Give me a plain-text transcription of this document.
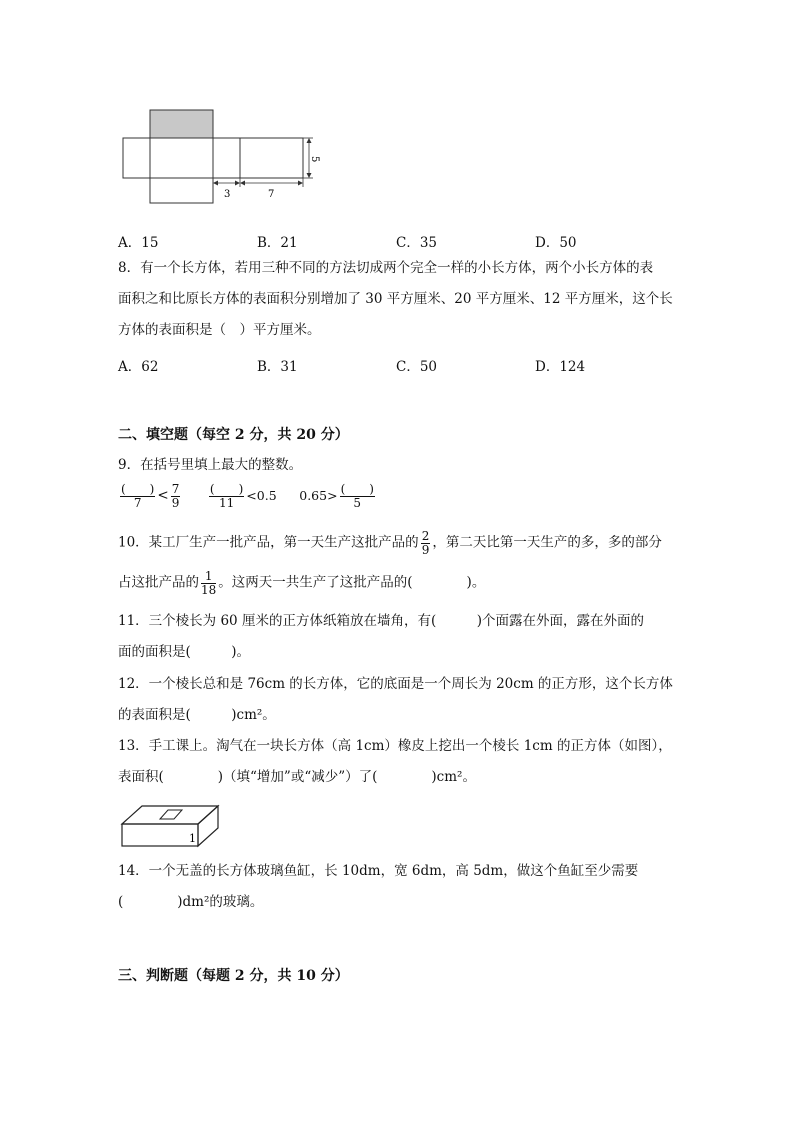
5
3	7
A．15	B．21	C．35	D．50
8．有一个长方体，若用三种不同的方法切成两个完全一样的小长方体，两个小长方体的表
面积之和比原长方体的表面积分别增加了 30 平方厘米、20 平方厘米、12 平方厘米，这个长
方体的表面积是（　）平方厘米。
A．62	B．31	C．50	D．124
二、填空题（每空 2 分，共 20 分）
9．在括号里填上最大的整数。
$\frac{( )}{7} < \frac{7}{9}$
$\frac{( )}{11} <0.5$ $0.65> \frac{( )}{5}$
10．某工厂生产一批产品，第一天生产这批产品的 $\frac{2}{9}$ ，第二天比第一天生产的多，多的部分
占这批产品的 $\frac{1}{18}$ 。这两天一共生产了这批产品的(　　　　)。
11．三个棱长为 60 厘米的正方体纸箱放在墙角，有(　　　)个面露在外面，露在外面的
面的面积是(　　　)。
12．一个棱长总和是 76cm 的长方体，它的底面是一个周长为 20cm 的正方形，这个长方体
的表面积是(　　　)cm²。
13．手工课上。淘气在一块长方体（高 1cm）橡皮上挖出一个棱长 1cm 的正方体（如图），
表面积(　　　　)（填“增加”或“减少”）了(　　　　)cm²。
1
14．一个无盖的长方体玻璃鱼缸，长 10dm，宽 6dm，高 5dm，做这个鱼缸至少需要
(　　　　)dm²的玻璃。
三、判断题（每题 2 分，共 10 分）
